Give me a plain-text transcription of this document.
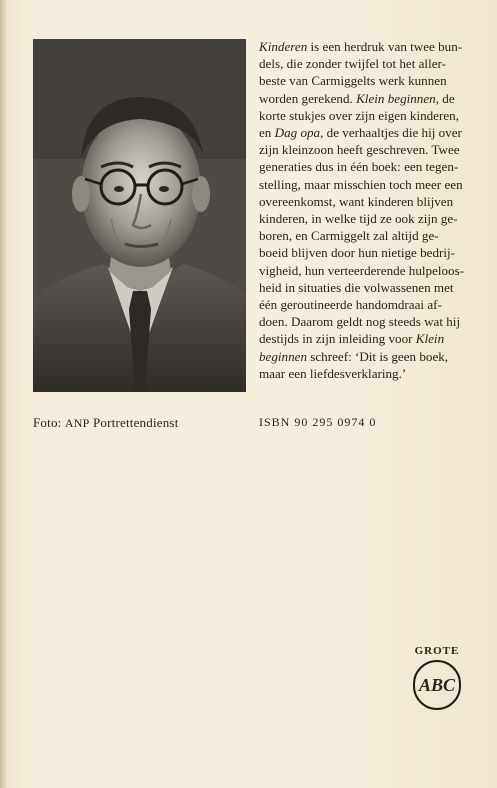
Foto: ANP Portrettendienst
Kinderen is een herdruk van twee bun-
dels, die zonder twijfel tot het aller-
beste van Carmiggelts werk kunnen
worden gerekend. Klein beginnen, de
korte stukjes over zijn eigen kinderen,
en Dag opa, de verhaaltjes die hij over
zijn kleinzoon heeft geschreven. Twee
generaties dus in één boek: een tegen-
stelling, maar misschien toch meer een
overeenkomst, want kinderen blijven
kinderen, in welke tijd ze ook zijn ge-
boren, en Carmiggelt zal altijd ge-
boeid blijven door hun nietige bedrij-
vigheid, hun verteerderende hulpeloos-
heid in situaties die volwassenen met
één geroutineerde handomdraai af-
doen. Daarom geldt nog steeds wat hij
destijds in zijn inleiding voor Klein
beginnen schreef: ‘Dit is geen boek,
maar een liefdesverklaring.’
ISBN 90 295 0974 0
GROTE
ABC
